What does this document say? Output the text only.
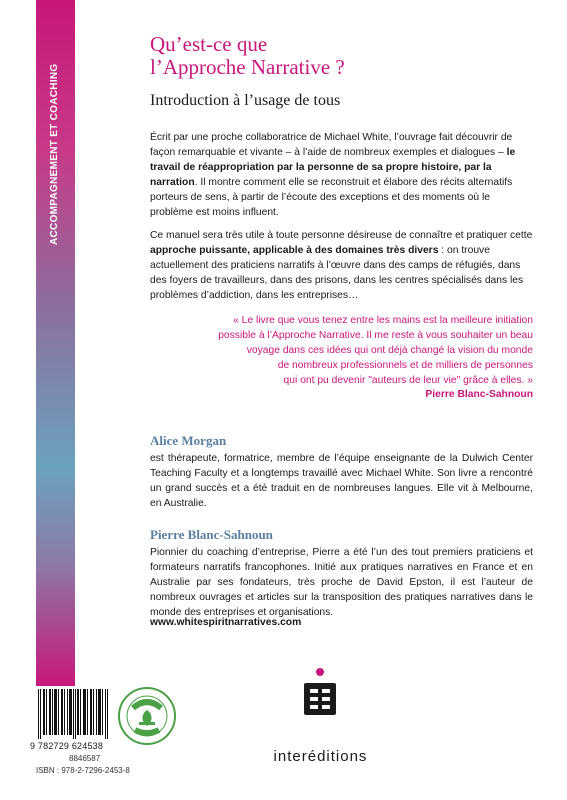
ACCOMPAGNEMENT ET COACHING
Qu’est-ce que
l’Approche Narrative ?
Introduction à l’usage de tous
Écrit par une proche collaboratrice de Michael White, l’ouvrage fait découvrir de façon remarquable et vivante – à l’aide de nombreux exemples et dialogues – le travail de réappropriation par la personne de sa propre histoire, par la narration. Il montre comment elle se reconstruit et élabore des récits alternatifs porteurs de sens, à partir de l’écoute des exceptions et des moments où le problème est moins influent.
Ce manuel sera très utile à toute personne désireuse de connaître et pratiquer cette approche puissante, applicable à des domaines très divers : on trouve actuellement des praticiens narratifs à l’œuvre dans des camps de réfugiés, dans des foyers de travailleurs, dans des prisons, dans les centres spécialisés dans les problèmes d’addiction, dans les entreprises…
« Le livre que vous tenez entre les mains est la meilleure initiation
possible à l’Approche Narrative. Il me reste à vous souhaiter un beau
voyage dans ces idées qui ont déjà changé la vision du monde
de nombreux professionnels et de milliers de personnes
qui ont pu devenir "auteurs de leur vie" grâce à elles. »
Pierre Blanc-Sahnoun
Alice Morgan
est thérapeute, formatrice, membre de l’équipe enseignante de la Dulwich Center Teaching Faculty et a longtemps travaillé avec Michael White. Son livre a rencontré un grand succès et a été traduit en de nombreuses langues. Elle vit à Melbourne, en Australie.
Pierre Blanc-Sahnoun
Pionnier du coaching d’entreprise, Pierre a été l’un des tout premiers praticiens et formateurs narratifs francophones. Initié aux pratiques narratives en France et en Australie par ses fondateurs, très proche de David Epston, il est l’auteur de nombreux ouvrages et articles sur la transposition des pratiques narratives dans le monde des entreprises et organisations.
www.whitespiritnarratives.com
9 782729 624538
8846587
ISBN : 978-2-7296-2453-8
interéditions
